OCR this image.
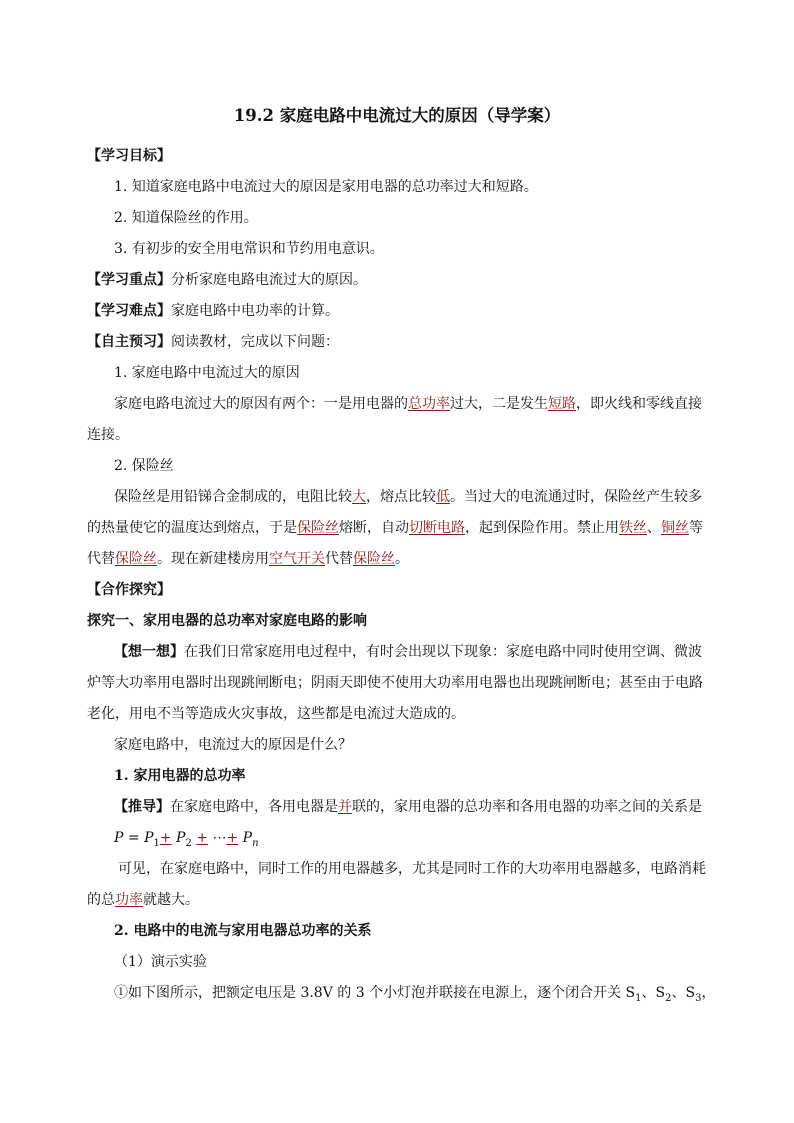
19.2 家庭电路中电流过大的原因（导学案）
【学习目标】
1. 知道家庭电路中电流过大的原因是家用电器的总功率过大和短路。
2. 知道保险丝的作用。
3. 有初步的安全用电常识和节约用电意识。
【学习重点】分析家庭电路电流过大的原因。
【学习难点】家庭电路中电功率的计算。
【自主预习】阅读教材，完成以下问题：
1. 家庭电路中电流过大的原因
家庭电路电流过大的原因有两个：一是用电器的总功率过大，二是发生短路，即火线和零线直接
连接。
2. 保险丝
保险丝是用铅锑合金制成的，电阻比较大，熔点比较低。当过大的电流通过时，保险丝产生较多
的热量使它的温度达到熔点，于是保险丝熔断，自动切断电路，起到保险作用。禁止用铁丝、铜丝等
代替保险丝。现在新建楼房用空气开关代替保险丝。
【合作探究】
探究一、家用电器的总功率对家庭电路的影响
【想一想】在我们日常家庭用电过程中，有时会出现以下现象：家庭电路中同时使用空调、微波
炉等大功率用电器时出现跳闸断电；阴雨天即使不使用大功率用电器也出现跳闸断电；甚至由于电路
老化，用电不当等造成火灾事故，这些都是电流过大造成的。
家庭电路中，电流过大的原因是什么？
1. 家用电器的总功率
【推导】在家庭电路中，各用电器是并联的，家用电器的总功率和各用电器的功率之间的关系是
$P = P_1+ P_2$ + ⋯+ $P_n$
可见，在家庭电路中，同时工作的用电器越多，尤其是同时工作的大功率用电器越多，电路消耗
的总功率就越大。
2. 电路中的电流与家用电器总功率的关系
（1）演示实验
①如下图所示，把额定电压是 3.8V 的 3 个小灯泡并联接在电源上，逐个闭合开关 $S_1$、$S_2$、$S_3$，
